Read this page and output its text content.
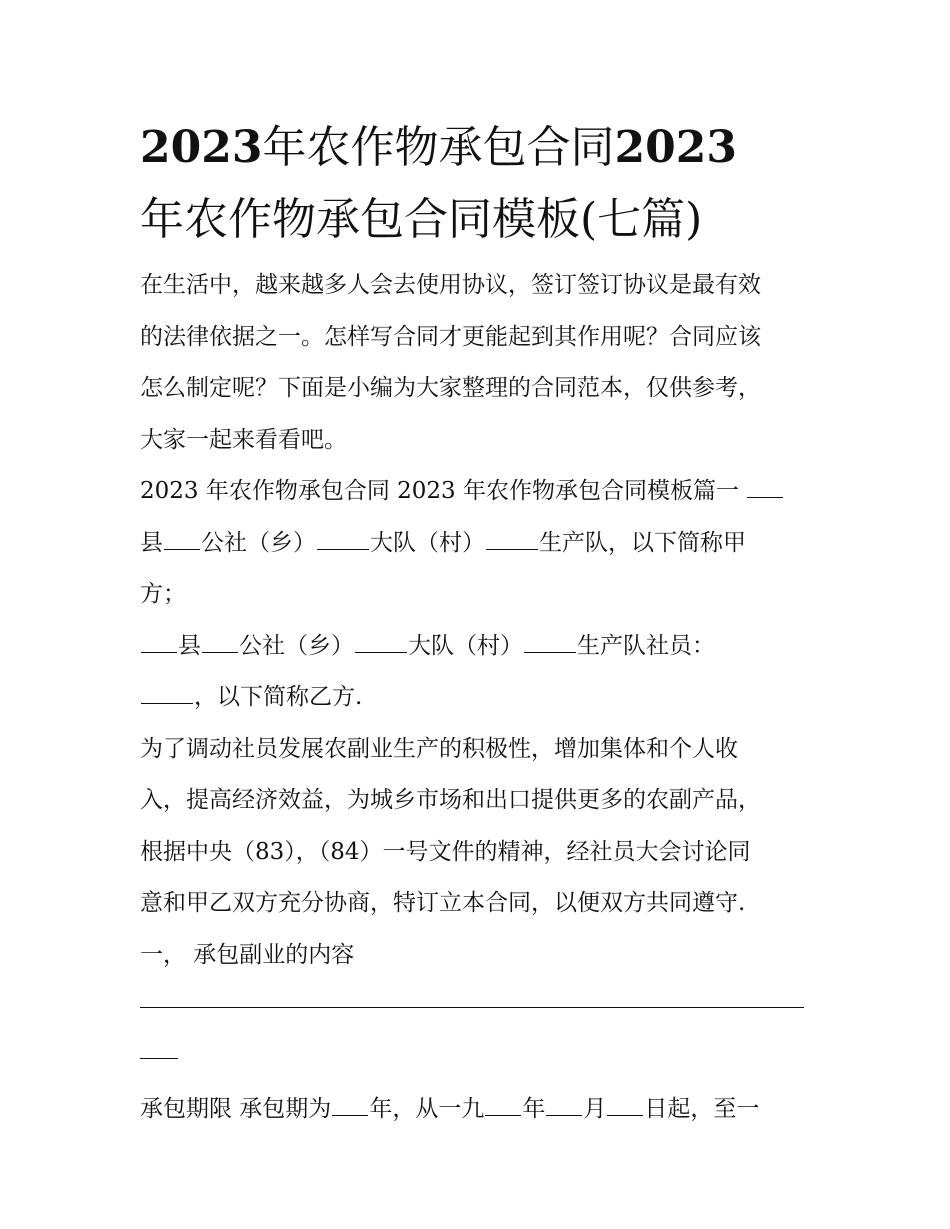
2023年农作物承包合同2023
年农作物承包合同模板(七篇)
在生活中，越来越多人会去使用协议，签订签订协议是最有效
的法律依据之一。怎样写合同才更能起到其作用呢？合同应该
怎么制定呢？下面是小编为大家整理的合同范本，仅供参考，
大家一起来看看吧。
2023 年农作物承包合同 2023 年农作物承包合同模板篇一
县 公社（乡） 大队（村） 生产队，以下简称甲
方；
县 公社（乡） 大队（村） 生产队社员：
，以下简称乙方.
为了调动社员发展农副业生产的积极性，增加集体和个人收
入，提高经济效益，为城乡市场和出口提供更多的农副产品，
根据中央（83），（84）一号文件的精神，经社员大会讨论同
意和甲乙双方充分协商，特订立本合同，以便双方共同遵守.
一， 承包副业的内容
承包期限 承包期为 年，从一九 年 月 日起，至一
